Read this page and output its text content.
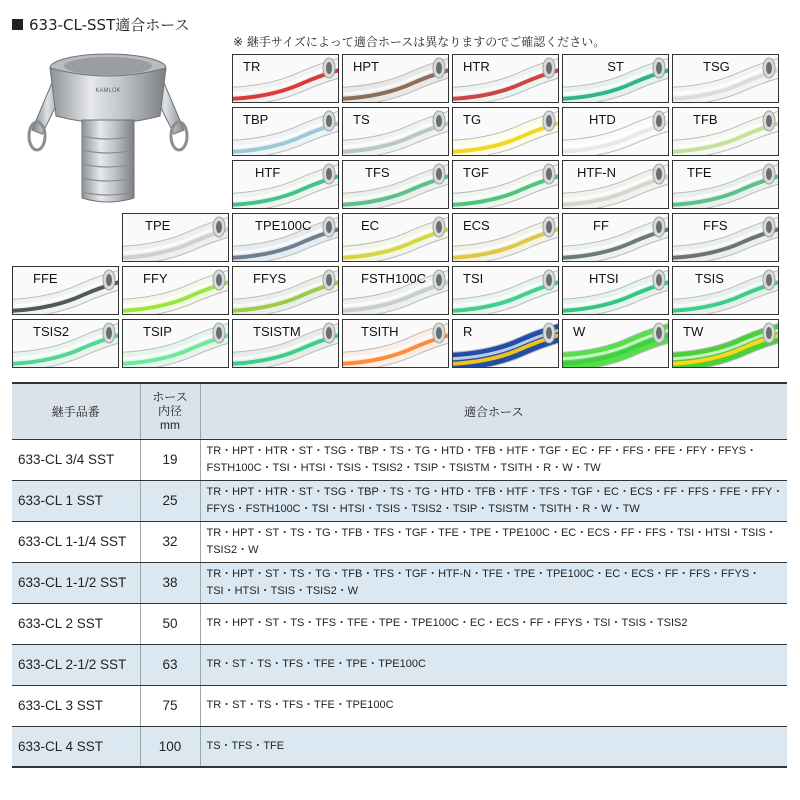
633-CL-SST適合ホース
※ 継手サイズによって適合ホースは異なりますのでご確認ください。
KAMLOK
TR	HPT	HTR	ST	TSG
TBP	TS	TG	HTD	TFB
HTF	TFS	TGF	HTF-N	TFE
TPE	TPE100C	EC	ECS	FF	FFS
FFE	FFY	FFYS	FSTH100C	TSI	HTSI	TSIS
TSIS2	TSIP	TSISTM	TSITH	R	W	TW
継手品番	ホース
内径
mm	適合ホース
633-CL 3/4 SST	19	TR・HPT・HTR・ST・TSG・TBP・TS・TG・HTD・TFB・HTF・TGF・EC・FF・FFS・FFE・FFY・FFYS・
FSTH100C・TSI・HTSI・TSIS・TSIS2・TSIP・TSISTM・TSITH・R・W・TW

633-CL 1 SST	25	TR・HPT・HTR・ST・TSG・TBP・TS・TG・HTD・TFB・HTF・TFS・TGF・EC・ECS・FF・FFS・FFE・FFY・
FFYS・FSTH100C・TSI・HTSI・TSIS・TSIS2・TSIP・TSISTM・TSITH・R・W・TW

633-CL 1-1/4 SST	32	TR・HPT・ST・TS・TG・TFB・TFS・TGF・TFE・TPE・TPE100C・EC・ECS・FF・FFS・TSI・HTSI・TSIS・
TSIS2・W

633-CL 1-1/2 SST	38	TR・HPT・ST・TS・TG・TFB・TFS・TGF・HTF-N・TFE・TPE・TPE100C・EC・ECS・FF・FFS・FFYS・
TSI・HTSI・TSIS・TSIS2・W

633-CL 2 SST	50	TR・HPT・ST・TS・TFS・TFE・TPE・TPE100C・EC・ECS・FF・FFYS・TSI・TSIS・TSIS2
633-CL 2-1/2 SST	63	TR・ST・TS・TFS・TFE・TPE・TPE100C
633-CL 3 SST	75	TR・ST・TS・TFS・TFE・TPE100C
633-CL 4 SST	100	TS・TFS・TFE
